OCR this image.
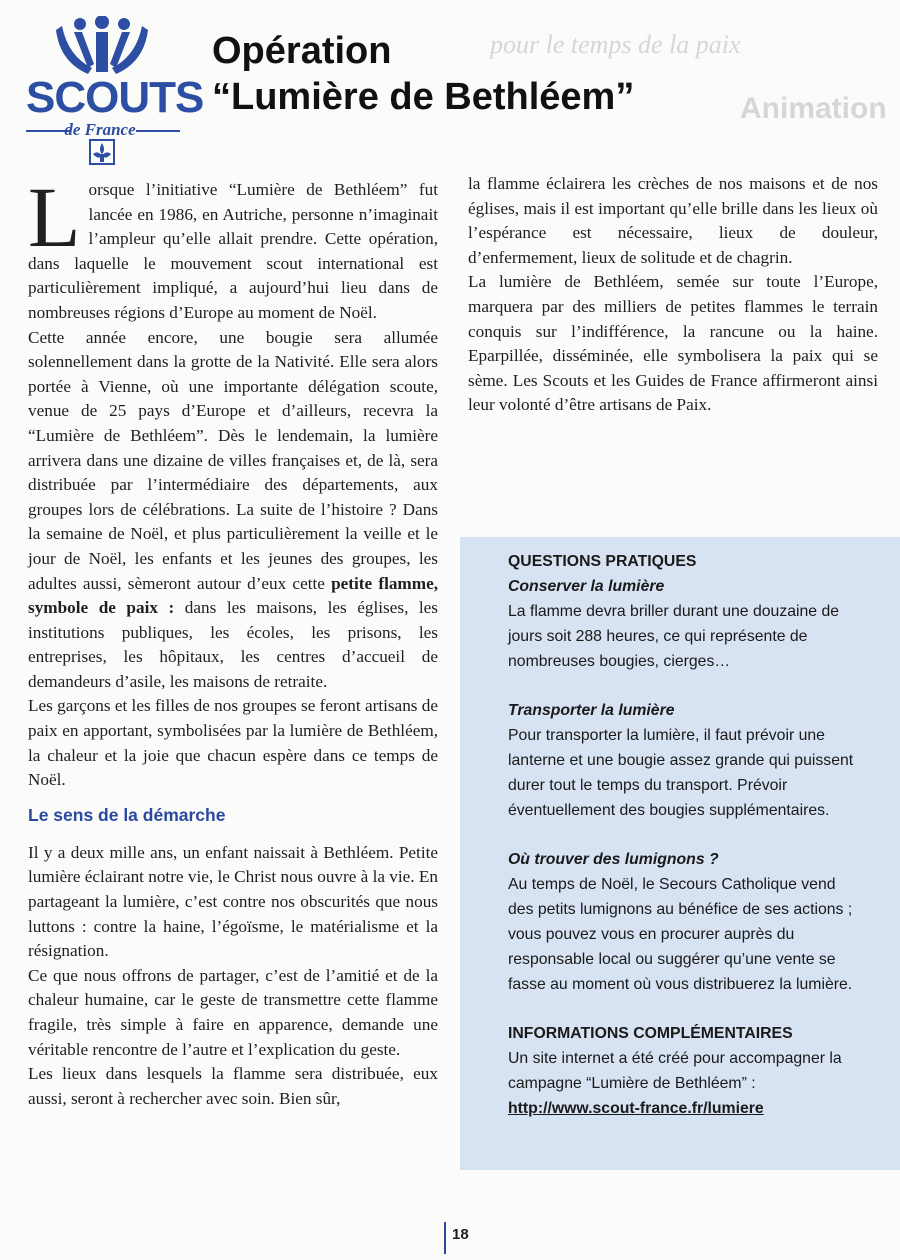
pour le temps de la paix
Animation
SCOUTS
de France
Opération
“Lumière de Bethléem”

Lorsque l’initiative “Lumière de Bethléem” fut lancée en 1986, en Autriche, personne n’imaginait l’ampleur qu’elle allait prendre. Cette opération, dans laquelle le mouvement scout international est particulièrement impliqué, a aujourd’hui lieu dans de nombreuses régions d’Europe au moment de Noël.

Cette année encore, une bougie sera allumée solennellement dans la grotte de la Nativité. Elle sera alors portée à Vienne, où une importante délégation scoute, venue de 25 pays d’Europe et d’ailleurs, recevra la “Lumière de Bethléem”. Dès le lendemain, la lumière arrivera dans une dizaine de villes françaises et, de là, sera distribuée par l’intermédiaire des départements, aux groupes lors de célébrations. La suite de l’histoire ? Dans la semaine de Noël, et plus particulièrement la veille et le jour de Noël, les enfants et les jeunes des groupes, les adultes aussi, sèmeront autour d’eux cette petite flamme, symbole de paix : dans les maisons, les églises, les institutions publiques, les écoles, les prisons, les entreprises, les hôpitaux, les centres d’accueil de demandeurs d’asile, les maisons de retraite.

Les garçons et les filles de nos groupes se feront artisans de paix en apportant, symbolisées par la lumière de Bethléem, la chaleur et la joie que chacun espère dans ce temps de Noël.

Le sens de la démarche

Il y a deux mille ans, un enfant naissait à Bethléem. Petite lumière éclairant notre vie, le Christ nous ouvre à la vie. En partageant la lumière, c’est contre nos obscurités que nous luttons : contre la haine, l’égoïsme, le matérialisme et la résignation.

Ce que nous offrons de partager, c’est de l’amitié et de la chaleur humaine, car le geste de transmettre cette flamme fragile, très simple à faire en apparence, demande une véritable rencontre de l’autre et l’explication du geste.

Les lieux dans lesquels la flamme sera distribuée, eux aussi, seront à rechercher avec soin. Bien sûr,

la flamme éclairera les crèches de nos maisons et de nos églises, mais il est important qu’elle brille dans les lieux où l’espérance est nécessaire, lieux de douleur, d’enfermement, lieux de solitude et de chagrin.

La lumière de Bethléem, semée sur toute l’Europe, marquera par des milliers de petites flammes le terrain conquis sur l’indifférence, la rancune ou la haine. Eparpillée, disséminée, elle symbolisera la paix qui se sème. Les Scouts et les Guides de France affirmeront ainsi leur volonté d’être artisans de Paix.

QUESTIONS PRATIQUES

Conserver la lumière

La flamme devra briller durant une douzaine de jours soit 288 heures, ce qui représente de nombreuses bougies, cierges…

Transporter la lumière

Pour transporter la lumière, il faut prévoir une lanterne et une bougie assez grande qui puissent durer tout le temps du transport. Prévoir éventuellement des bougies supplémentaires.

Où trouver des lumignons ?

Au temps de Noël, le Secours Catholique vend des petits lumignons au bénéfice de ses actions ; vous pouvez vous en procurer auprès du responsable local ou suggérer qu’une vente se fasse au moment où vous distribuerez la lumière.

INFORMATIONS COMPLÉMENTAIRES

Un site internet a été créé pour accompagner la campagne “Lumière de Bethléem” :

http://www.scout-france.fr/lumiere

18
